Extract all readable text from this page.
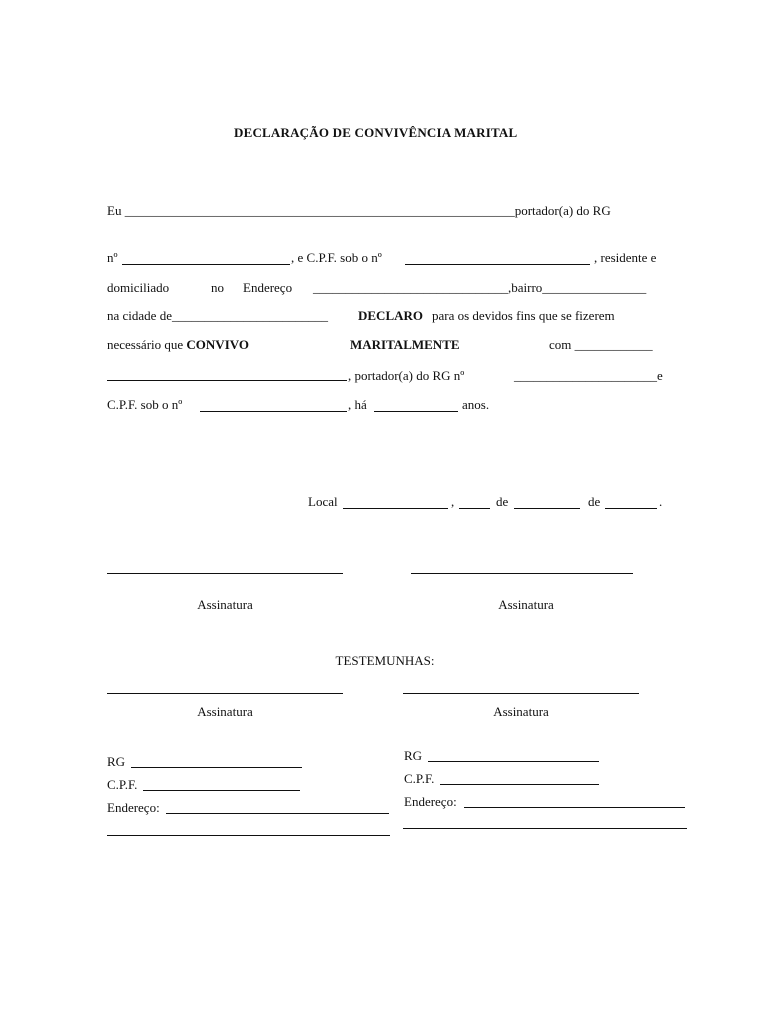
DECLARAÇÃO DE CONVIVÊNCIA MARITAL
Eu ____________________________________________________________portador(a) do RG
nº	, e C.P.F. sob o nº	, residente e
domiciliado	no Endereço ______________________________,bairro________________
na cidade de________________________ DECLARO para os devidos fins que se fizerem
necessário que CONVIVO	MARITALMENTE	com ____________
, portador(a) do RG nº	______________________e
C.P.F. sob o nº	, há	anos.
Local	,	de	de	.
Assinatura	Assinatura
TESTEMUNHAS:
Assinatura	Assinatura
RG
C.P.F.
Endereço:
RG
C.P.F.
Endereço:
